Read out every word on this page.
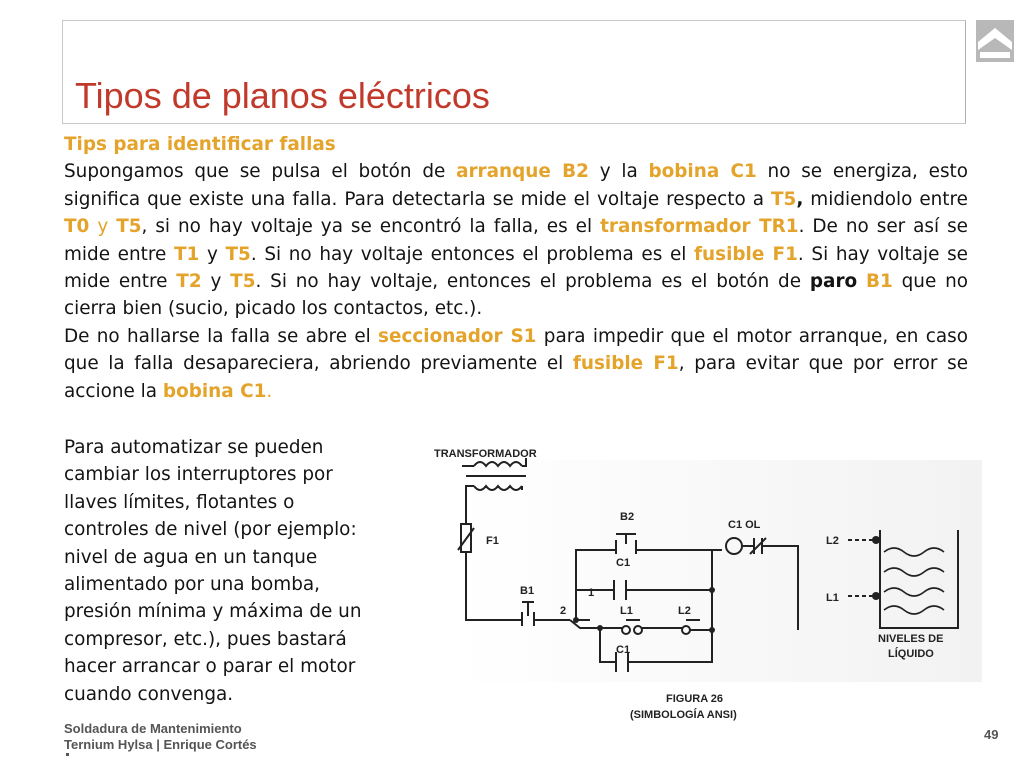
Tipos de planos eléctricos

Tips para identificar fallas

Supongamos que se pulsa el botón de arranque B2 y la bobina C1 no se energiza, esto significa que existe una falla. Para detectarla se mide el voltaje respecto a T5, midiendolo entre T0 y T5, si no hay voltaje ya se encontró la falla, es el transformador TR1. De no ser así se mide entre T1 y T5. Si no hay voltaje entonces el problema es el fusible F1. Si hay voltaje se mide entre T2 y T5. Si no hay voltaje, entonces el problema es el botón de paro B1 que no cierra bien (sucio, picado los contactos, etc.).

De no hallarse la falla se abre el seccionador S1 para impedir que el motor arranque, en caso que la falla desapareciera, abriendo previamente el fusible F1, para evitar que por error se accione la bobina C1.

Para automatizar se pueden
cambiar los interruptores por
llaves límites, flotantes o
controles de nivel (por ejemplo:
nivel de agua en un tanque
alimentado por una bomba,
presión mínima y máxima de un
compresor, etc.), pues bastará
hacer arrancar o parar el motor
cuando convenga.

TRANSFORMADOR
F1
B2
C1 OL
C1
B1	1
2	L1	L2
C1
L2
L1
NIVELES DE
LÍQUIDO
FIGURA 26
(SIMBOLOGÍA ANSI)
Soldadura de Mantenimiento
Ternium Hylsa | Enrique Cortés
49
